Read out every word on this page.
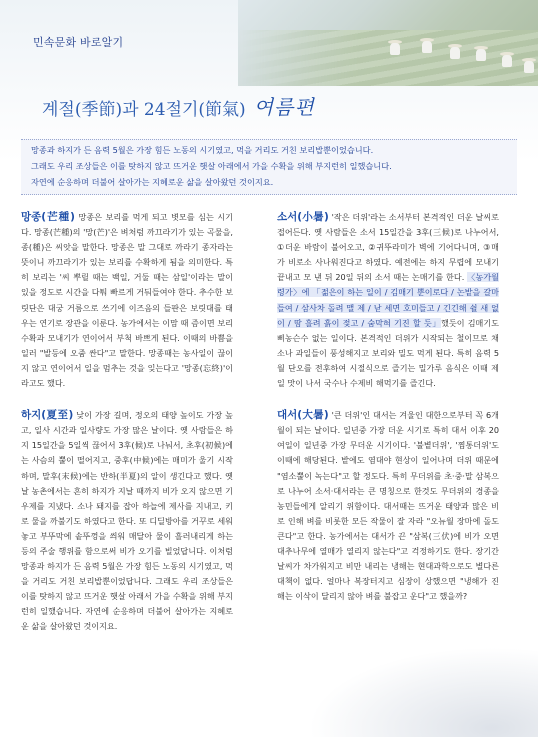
민속문화 바로알기
계절(季節)과 24절기(節氣) 여름편
망종과 하지가 든 음력 5월은 가장 힘든 노동의 시기였고, 먹을 거리도 거친 보리밥뿐이었습니다.
그래도 우리 조상들은 이를 탓하지 않고 뜨거운 햇살 아래에서 가을 수확을 위해 부지런히 일했습니다.
자연에 순응하며 더불어 살아가는 지혜로운 삶을 살아왔던 것이지요.

망종(芒種) 망종은 보리를 먹게 되고 볏모를 심는 시기다. 망종(芒種)의 '망(芒)'은 벼처럼 까끄라기가 있는 곡물을, 종(種)은 씨앗을 말한다. 망종은 말 그대로 까라기 종자라는 뜻이니 까끄라기가 있는 보리를 수확하게 됨을 의미한다. 특히 보리는 '씨 뿌릴 때는 백일, 거둘 때는 삼일'이라는 말이 있을 정도로 시간을 다퉈 빠르게 거둬들여야 한다. 추수한 보릿단은 대궁 거름으로 쓰기에 이즈음의 들판은 보릿대를 태우는 연기로 장관을 이룬다. 농가에서는 이맘 때 즘이면 보리수확과 모내기가 연이어서 부척 바쁘게 된다. 이때의 바쁨을 일러 "발등에 오줌 싼다"고 말한다. 망종때는 농사일이 끊이지 않고 연이어서 일을 멈추는 것을 잊는다고 '망종(忘終)'이라고도 했다.

하지(夏至) 낮이 가장 길며, 정오의 태양 높이도 가장 높고, 일사 시간과 일사량도 가장 많은 날이다. 옛 사람들은 하지 15일간을 5일씩 끊어서 3후(候)로 나눠서, 초후(初候)에는 사슴의 뿔이 떨어지고, 중후(中候)에는 매미가 울기 시작하며, 말후(末候)에는 반하(半夏)의 알이 생긴다고 했다. 옛날 농촌에서는 흔히 하지가 지날 때까지 비가 오지 않으면 기우제를 지냈다. 소나 돼지를 잡아 하늘에 제사를 지내고, 키로 물을 까불기도 하였다고 한다. 또 디딜방아를 거꾸로 세워 놓고 부뚜막에 솥뚜껑을 씌워 매달아 물이 흘러내리게 하는 등의 주술 행위를 함으로써 비가 오기를 빌었답니다. 이처럼 망종과 하지가 든 음력 5월은 가장 힘든 노동의 시기였고, 먹을 거리도 거친 보리밥뿐이었답니다. 그래도 우리 조상들은 이를 탓하지 않고 뜨거운 햇살 아래서 가을 수확을 위해 부지런히 일했습니다. 자연에 순응하며 더불어 살아가는 지혜로운 삶을 살아왔던 것이지요.

소서(小暑) '작은 더위'라는 소서부터 본격적인 더운 날씨로 접어든다. 옛 사람들은 소서 15일간을 3후(三候)로 나누어서, ①더운 바람이 불어오고, ②귀뚜라미가 벽에 기어다니며, ③매가 비로소 사나워진다고 하였다. 예전에는 하지 무렵에 모내기 끝내고 모 낸 뒤 20일 뒤의 소서 때는 논매기를 한다. 〈농가월령가〉에 「젊은이 하는 일이 / 김매기 뿐이로다 / 논밭을 갈마들여 / 삼사차 돌려 맬 제 / 낟 세면 호미들고 / 긴긴해 쉴 새 없이 / 땀 흘려 흙이 젖고 / 숨막혀 기진 할 듯」했듯이 김매기도 삐농슨수 없는 일이다. 본격적인 더위가 시작되는 철이므로 채소나 과일들이 풍성해지고 보리와 밀도 먹게 된다. 특히 음력 5월 단오를 전후하여 시절식으로 즐기는 밀가루 음식은 이때 제일 맛이 나서 국수나 수제비 해먹기를 즐긴다.

대서(大暑) '큰 더위'인 대서는 겨울인 대한으로부터 꼭 6개월이 되는 날이다. 일년중 가장 더운 시기로 특히 대서 이후 20여일이 일년중 가장 무더운 시기이다. '불볕더위', '찜통더위'도 이때에 해당된다. 밭에도 염대야 현상이 일어나며 더위 때문에 "염소뿔이 녹는다"고 할 정도다. 특히 무더위를 초·중·말 삼복으로 나누어 소서·대서라는 큰 명칭으로 한것도 무더위의 경종을 농민들에게 알리기 위함이다. 대서때는 뜨거운 태양과 많은 비로 인해 벼를 비롯한 모든 작물이 잘 자라 "오뉴월 장마에 돌도 큰다"고 한다. 농가에서는 대서가 끈 "삼복(三伏)에 비가 오면 대추나무에 열매가 열리지 않는다"고 걱정하기도 한다. 장기간 날씨가 차가워지고 비만 내리는 냉해는 현대과학으로도 별다른 대책이 없다. 얼마나 복장터지고 심장이 상했으면 "냉해가 진 해는 이삭이 달리지 않아 벼를 불잡고 운다"고 했을까?
